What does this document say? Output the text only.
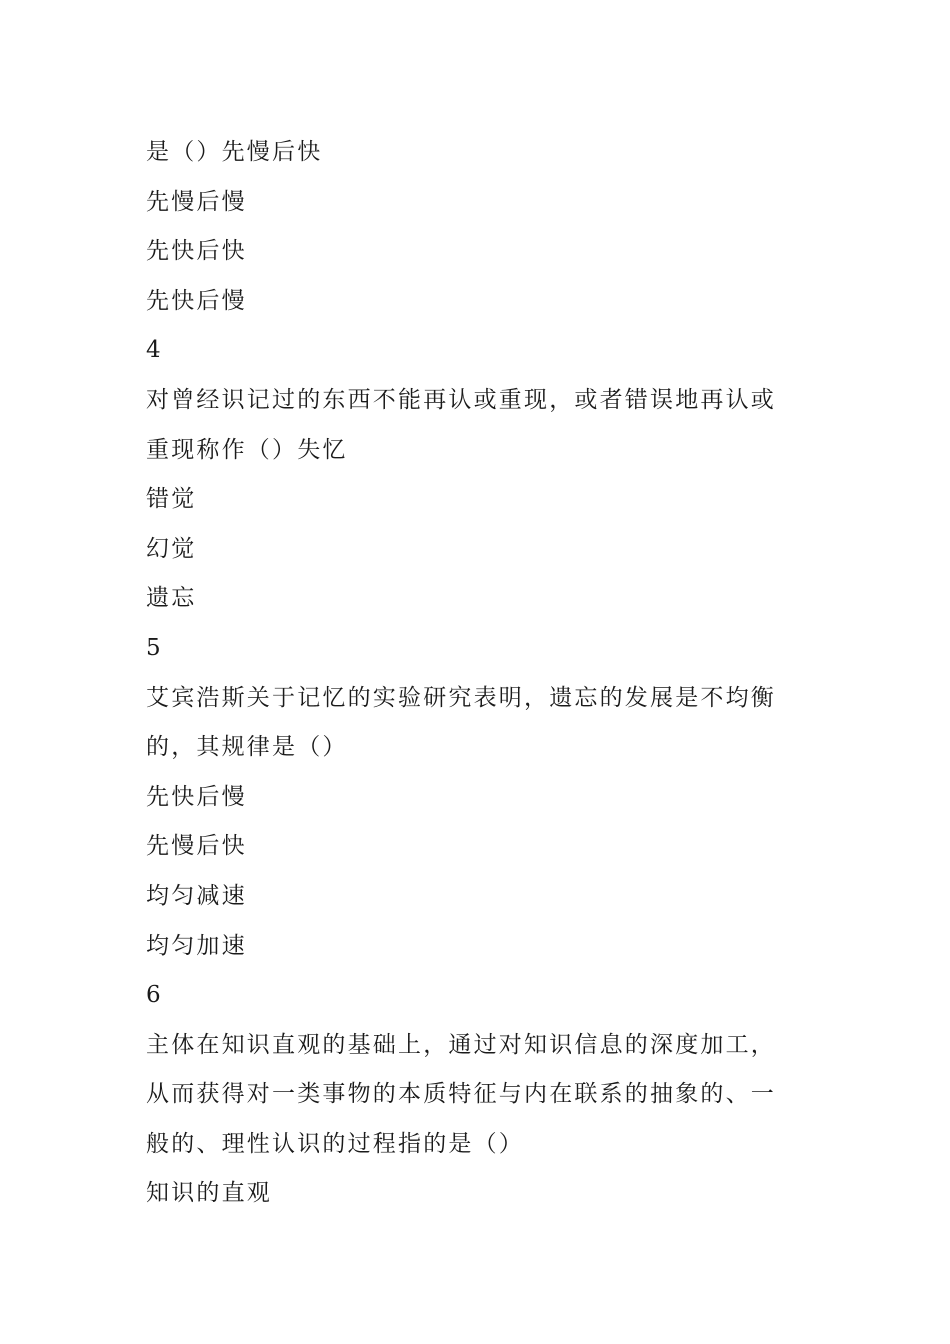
是（）先慢后快
先慢后慢
先快后快
先快后慢
4
对曾经识记过的东西不能再认或重现，或者错误地再认或
重现称作（）失忆
错觉
幻觉
遗忘
5
艾宾浩斯关于记忆的实验研究表明，遗忘的发展是不均衡
的，其规律是（）
先快后慢
先慢后快
均匀减速
均匀加速
6
主体在知识直观的基础上，通过对知识信息的深度加工，
从而获得对一类事物的本质特征与内在联系的抽象的、一
般的、理性认识的过程指的是（）
知识的直观
